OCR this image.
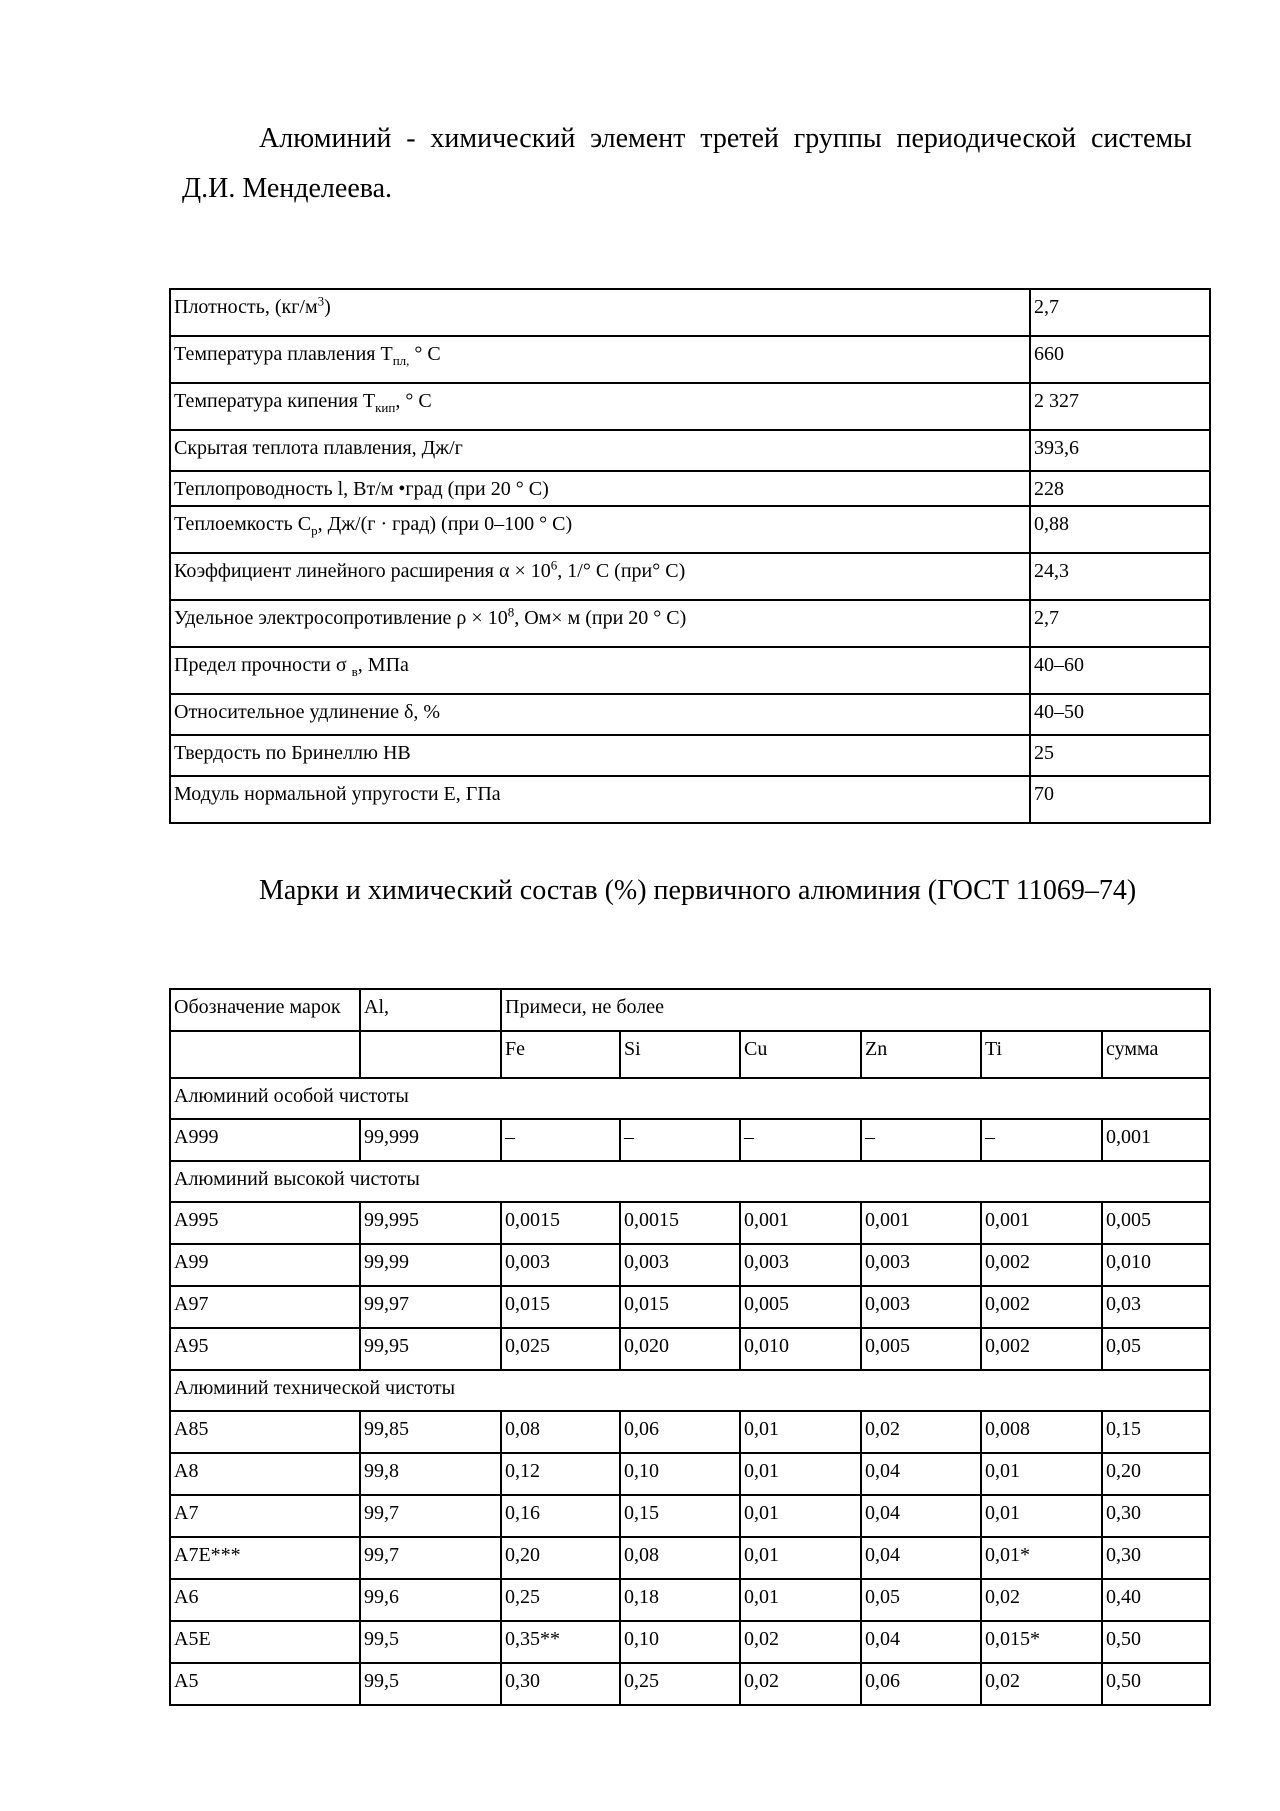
Алюминий - химический элемент третей группы периодической системы Д.И. Менделеева.

Плотность, $(кг/м^3)$	2,7
Температура плавления $Т_{пл,}$ ° С	660
Температура кипения $Т_{кип}$, ° С	2 327
Скрытая теплота плавления, Дж/г	393,6
Теплопроводность l, Вт/м •град (при 20 ° С)	228
Теплоемкость $С_р$, Дж/(г · град) (при 0–100 ° С)	0,88
Коэффициент линейного расширения $\alpha \times 10^6$, 1/° С (при° С)	24,3
Удельное электросопротивление $\rho \times 10^8$, Ом× м (при 20 ° С)	2,7
Предел прочности σ $_в$, МПа	40–60
Относительное удлинение δ, %	40–50
Твердость по Бринеллю НВ	25
Модуль нормальной упругости Е, ГПа	70

Марки и химический состав (%) первичного алюминия (ГОСТ 11069–74)

Обозначение марок	Al,	Примеси, не более					
		Fe	Si	Cu	Zn	Ti	сумма
Алюминий особой чистоты							
А999	99,999	–	–	–	–	–	0,001
Алюминий высокой чистоты							
А995	99,995	0,0015	0,0015	0,001	0,001	0,001	0,005
А99	99,99	0,003	0,003	0,003	0,003	0,002	0,010
А97	99,97	0,015	0,015	0,005	0,003	0,002	0,03
А95	99,95	0,025	0,020	0,010	0,005	0,002	0,05
Алюминий технической чистоты							
А85	99,85	0,08	0,06	0,01	0,02	0,008	0,15
А8	99,8	0,12	0,10	0,01	0,04	0,01	0,20
А7	99,7	0,16	0,15	0,01	0,04	0,01	0,30
А7Е***	99,7	0,20	0,08	0,01	0,04	0,01*	0,30
А6	99,6	0,25	0,18	0,01	0,05	0,02	0,40
А5Е	99,5	0,35**	0,10	0,02	0,04	0,015*	0,50
А5	99,5	0,30	0,25	0,02	0,06	0,02	0,50
